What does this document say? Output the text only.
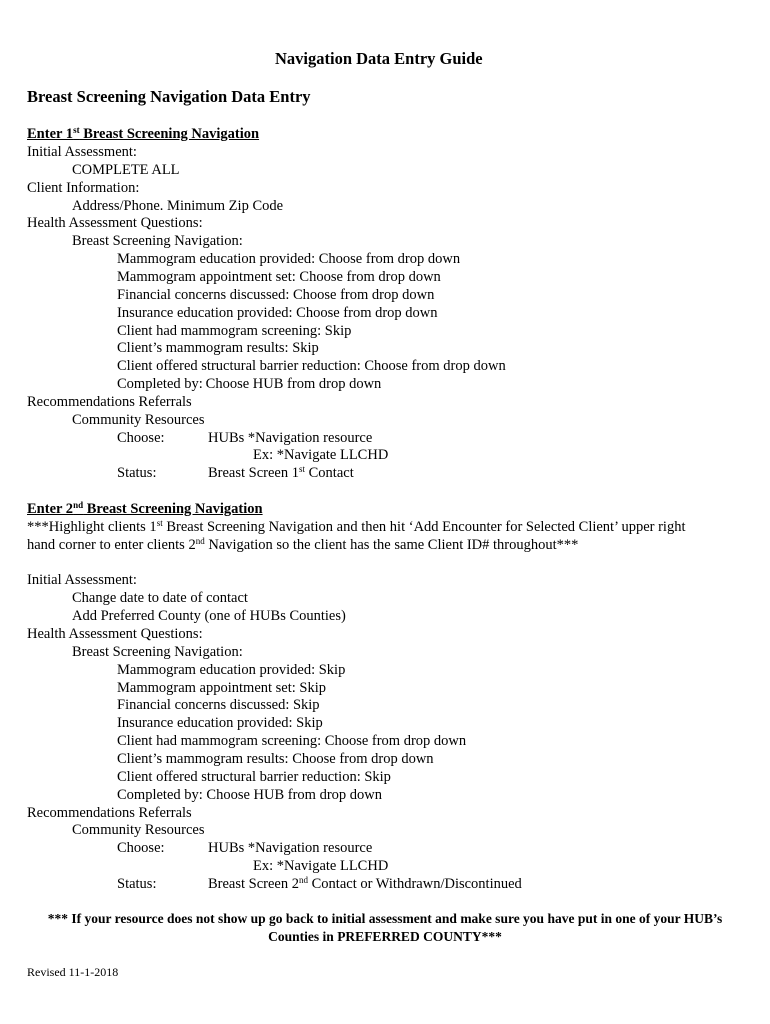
Navigation Data Entry Guide
Breast Screening Navigation Data Entry
Enter 1st Breast Screening Navigation
Initial Assessment:
COMPLETE ALL
Client Information:
Address/Phone. Minimum Zip Code
Health Assessment Questions:
Breast Screening Navigation:
Mammogram education provided: Choose from drop down
Mammogram appointment set: Choose from drop down
Financial concerns discussed: Choose from drop down
Insurance education provided: Choose from drop down
Client had mammogram screening: Skip
Client’s mammogram results: Skip
Client offered structural barrier reduction: Choose from drop down
Completed by: Choose HUB from drop down
Recommendations Referrals
Community Resources
Choose:	HUBs *Navigation resource
Ex: *Navigate LLCHD
Status:	Breast Screen 1st Contact
Enter 2nd Breast Screening Navigation
***Highlight clients 1st Breast Screening Navigation and then hit ‘Add Encounter for Selected Client’ upper right
hand corner to enter clients 2nd Navigation so the client has the same Client ID# throughout***
Initial Assessment:
Change date to date of contact
Add Preferred County (one of HUBs Counties)
Health Assessment Questions:
Breast Screening Navigation:
Mammogram education provided: Skip
Mammogram appointment set: Skip
Financial concerns discussed: Skip
Insurance education provided: Skip
Client had mammogram screening: Choose from drop down
Client’s mammogram results: Choose from drop down
Client offered structural barrier reduction: Skip
Completed by: Choose HUB from drop down
Recommendations Referrals
Community Resources
Choose:	HUBs *Navigation resource
Ex: *Navigate LLCHD
Status:	Breast Screen 2nd Contact or Withdrawn/Discontinued
*** If your resource does not show up go back to initial assessment and make sure you have put in one of your HUB’s
Counties in PREFERRED COUNTY***
Revised 11-1-2018
